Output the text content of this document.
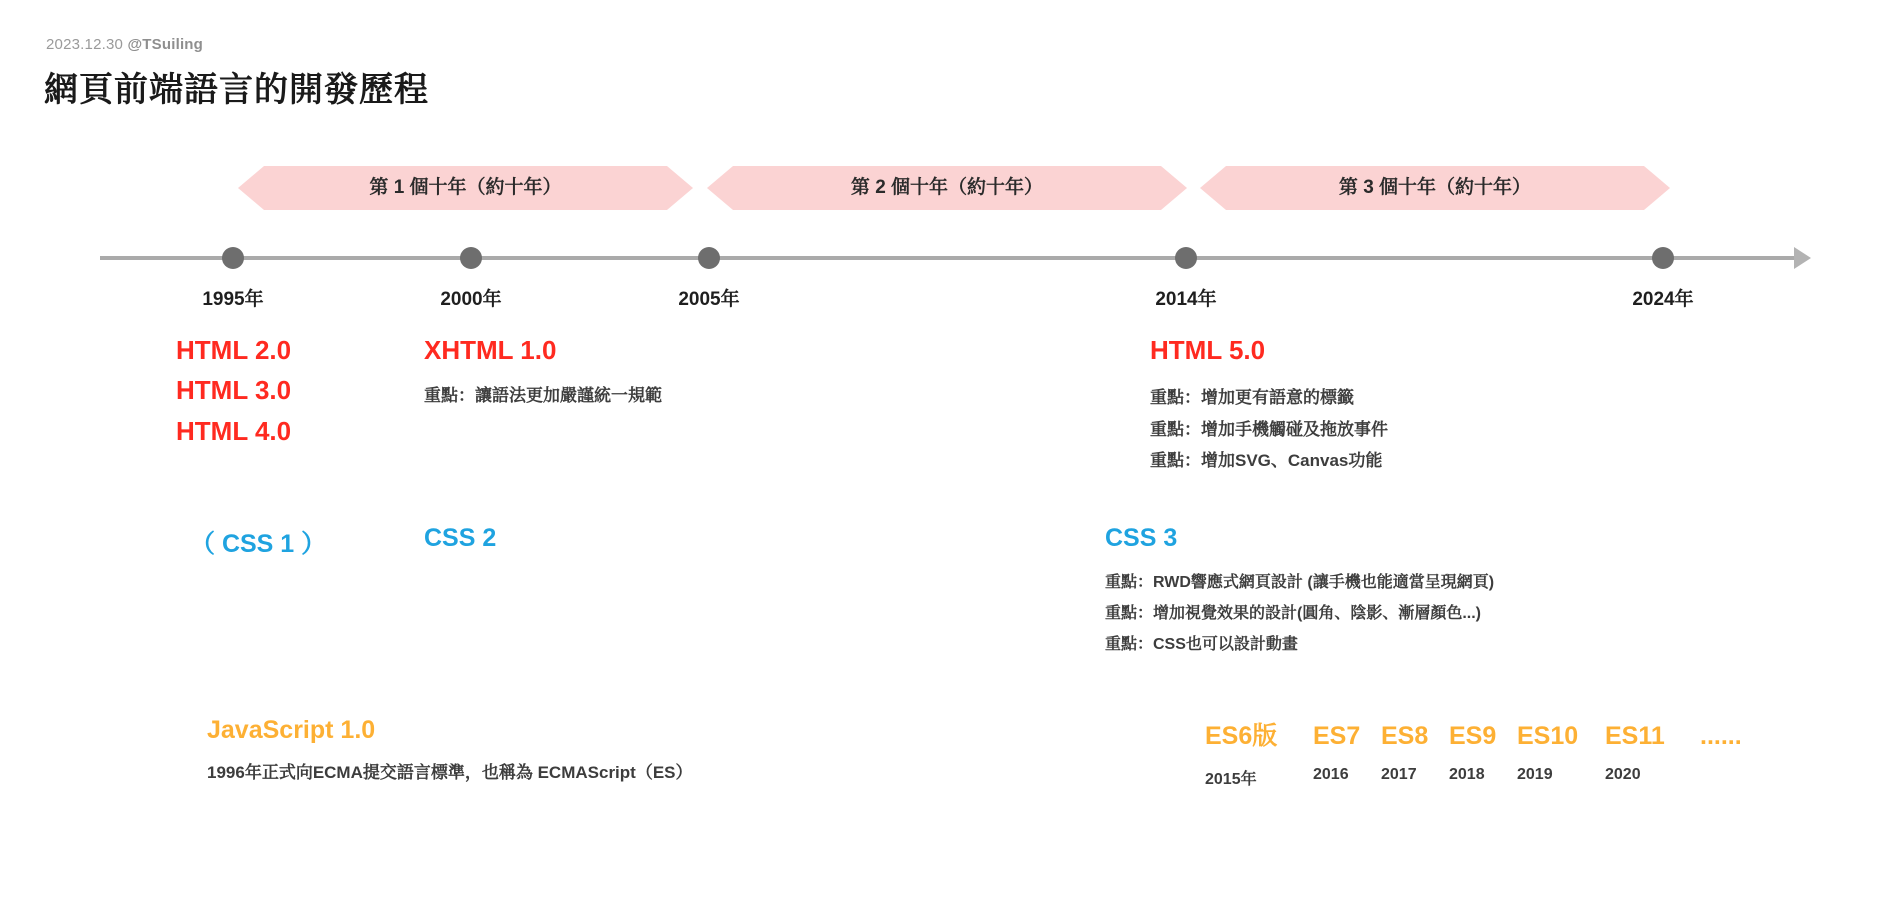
2023.12.30 @TSuiling
網頁前端語言的開發歷程
第 1 個十年（約十年）	第 2 個十年（約十年）	第 3 個十年（約十年）
1995年	2000年	2005年	2014年	2024年
HTML 2.0
HTML 3.0
HTML 4.0
XHTML 1.0
重點：讓語法更加嚴謹統一規範
HTML 5.0
重點：增加更有語意的標籤
重點：增加手機觸碰及拖放事件
重點：增加SVG、Canvas功能
（ CSS 1 ）	CSS 2	CSS 3
重點：RWD響應式網頁設計 (讓手機也能適當呈現網頁)
重點：增加視覺效果的設計(圓角、陰影、漸層顏色...)
重點：CSS也可以設計動畫
JavaScript 1.0
1996年正式向ECMA提交語言標準，也稱為 ECMAScript（ES）
ES6版	ES7 ES8 ES9 ES10	ES11	......
2015年	2016	2017	2018	2019	2020
